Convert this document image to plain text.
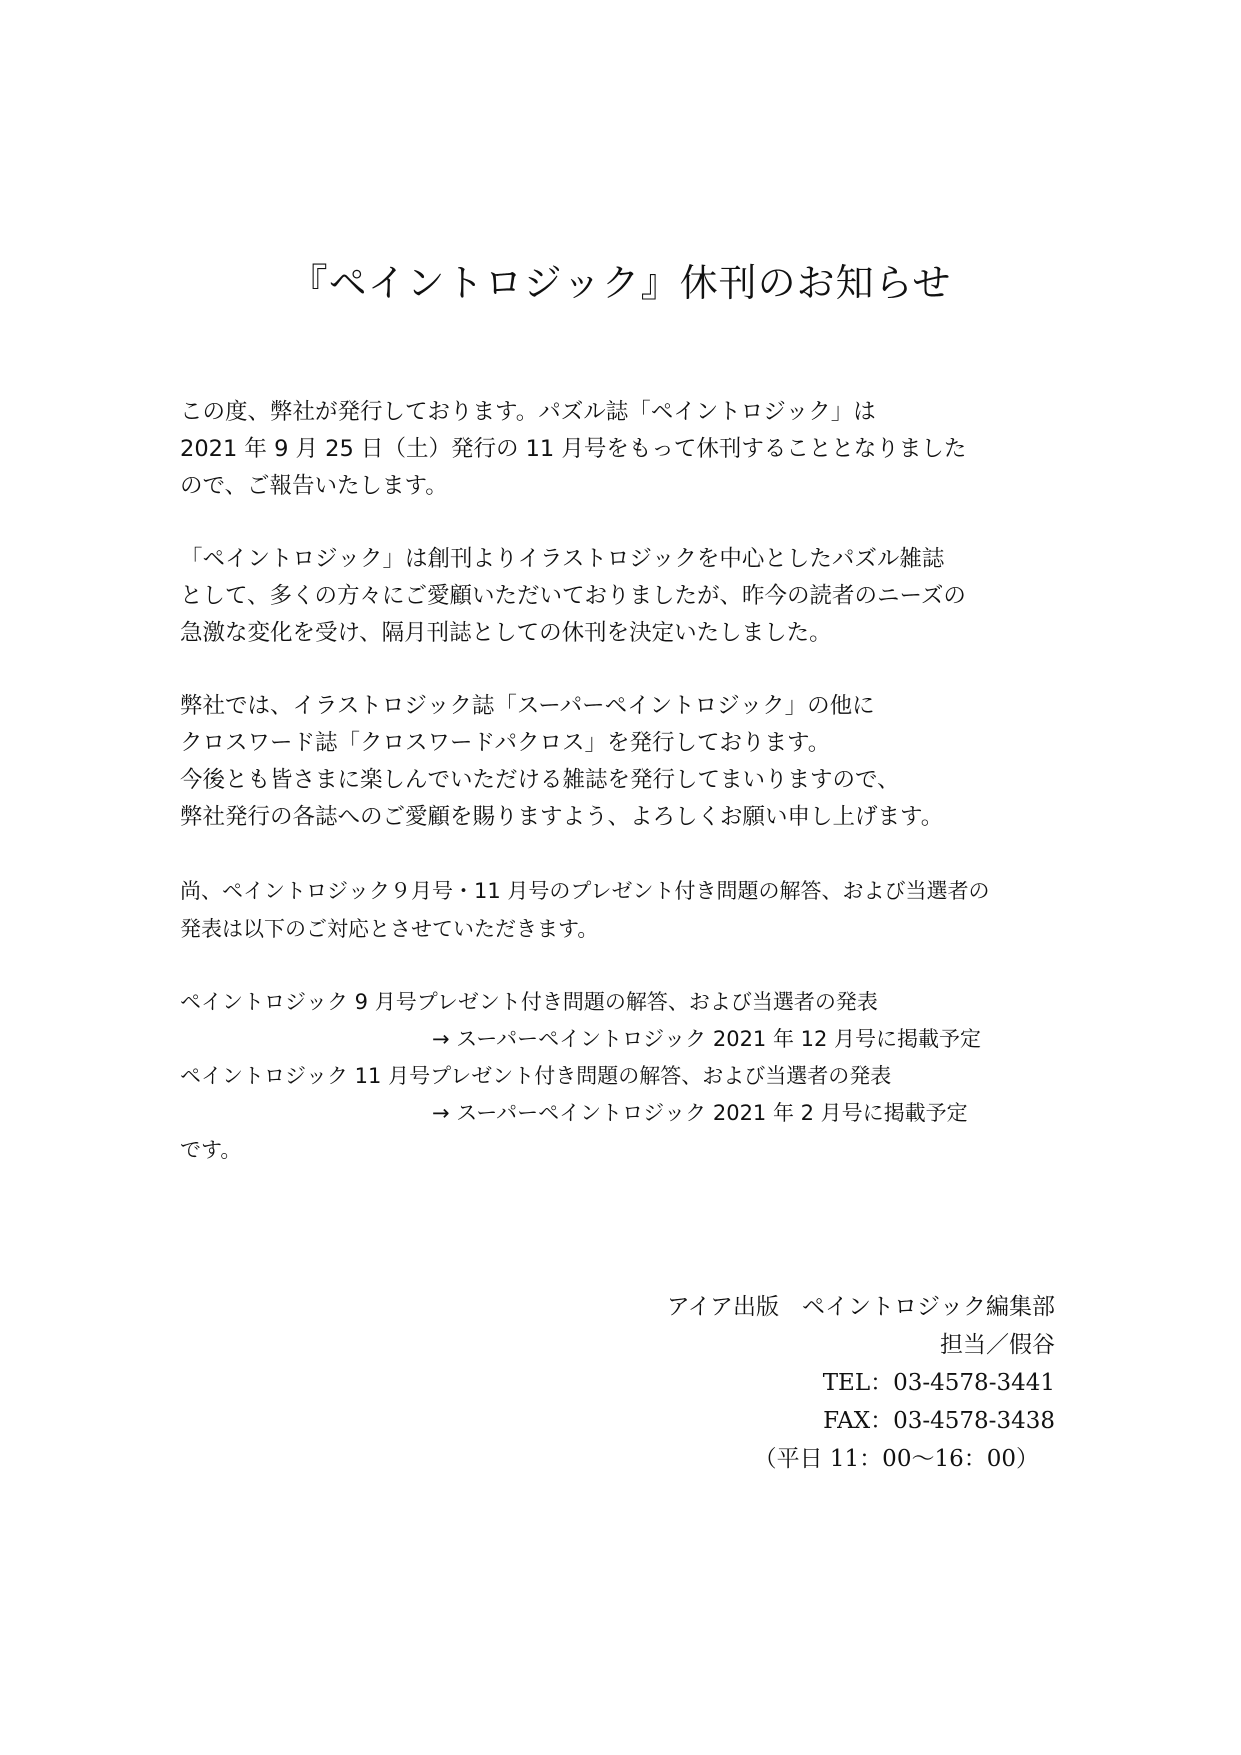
『ペイントロジック』休刊のお知らせ
この度、弊社が発行しております。パズル誌「ペイントロジック」は
2021 年 9 月 25 日（土）発行の 11 月号をもって休刊することとなりました
ので、ご報告いたします。
「ペイントロジック」は創刊よりイラストロジックを中心としたパズル雑誌
として、多くの方々にご愛顧いただいておりましたが、昨今の読者のニーズの
急激な変化を受け、隔月刊誌としての休刊を決定いたしました。
弊社では、イラストロジック誌「スーパーペイントロジック」の他に
クロスワード誌「クロスワードパクロス」を発行しております。
今後とも皆さまに楽しんでいただける雑誌を発行してまいりますので、
弊社発行の各誌へのご愛顧を賜りますよう、よろしくお願い申し上げます。
尚、ペイントロジック９月号・11 月号のプレゼント付き問題の解答、および当選者の
発表は以下のご対応とさせていただきます。
ペイントロジック 9 月号プレゼント付き問題の解答、および当選者の発表
→ スーパーペイントロジック 2021 年 12 月号に掲載予定
ペイントロジック 11 月号プレゼント付き問題の解答、および当選者の発表
→ スーパーペイントロジック 2021 年 2 月号に掲載予定
です。
アイア出版　ペイントロジック編集部
担当／假谷
TEL：03-4578-3441
FAX：03-4578-3438
（平日 11：00～16：00）
